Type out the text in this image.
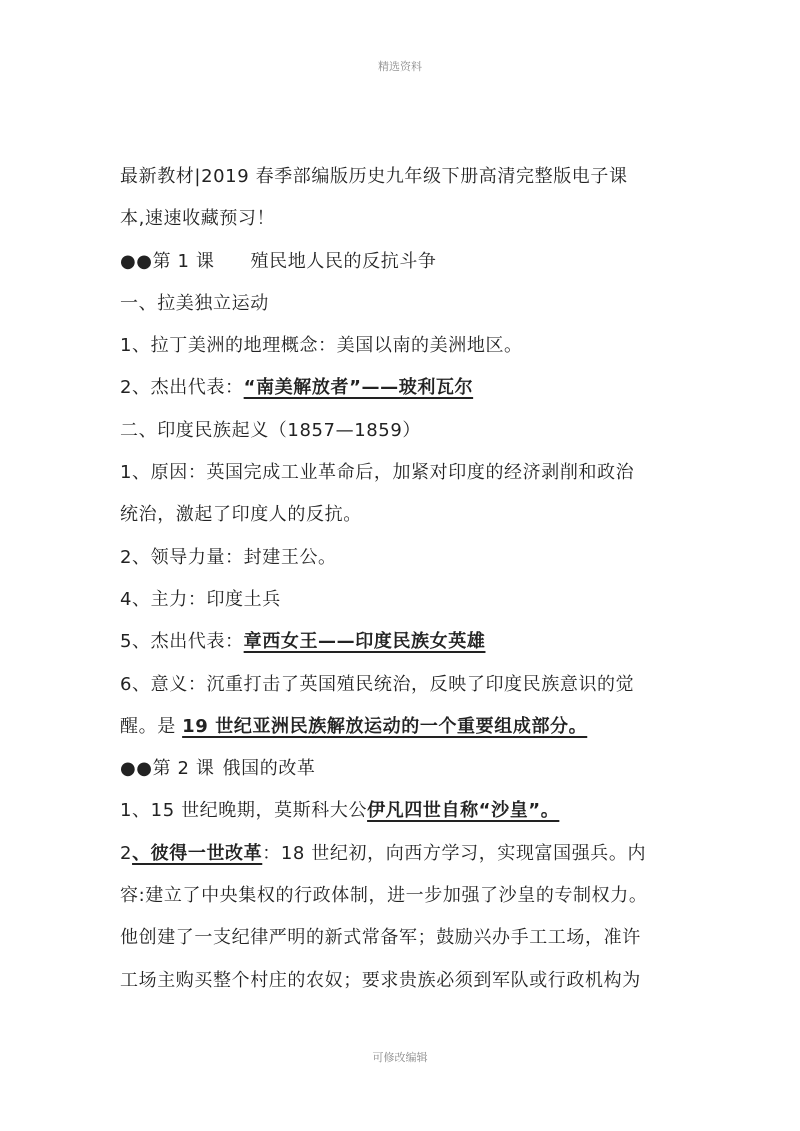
精选资料
最新教材|2019 春季部编版历史九年级下册高清完整版电子课
本,速速收藏预习！
●●第 1 课 殖民地人民的反抗斗争
一、拉美独立运动
1、拉丁美洲的地理概念：美国以南的美洲地区。
2、杰出代表：“南美解放者”——玻利瓦尔
二、印度民族起义（1857—1859）
1、原因：英国完成工业革命后，加紧对印度的经济剥削和政治
统治，激起了印度人的反抗。
2、领导力量：封建王公。
4、主力：印度土兵
5、杰出代表：章西女王——印度民族女英雄
6、意义：沉重打击了英国殖民统治，反映了印度民族意识的觉
醒。是 19 世纪亚洲民族解放运动的一个重要组成部分。
●●第 2 课 俄国的改革
1、15 世纪晚期，莫斯科大公伊凡四世自称“沙皇”。
2、彼得一世改革：18 世纪初，向西方学习，实现富国强兵。内
容:建立了中央集权的行政体制，进一步加强了沙皇的专制权力。
他创建了一支纪律严明的新式常备军；鼓励兴办手工工场，准许
工场主购买整个村庄的农奴；要求贵族必须到军队或行政机构为
可修改编辑
